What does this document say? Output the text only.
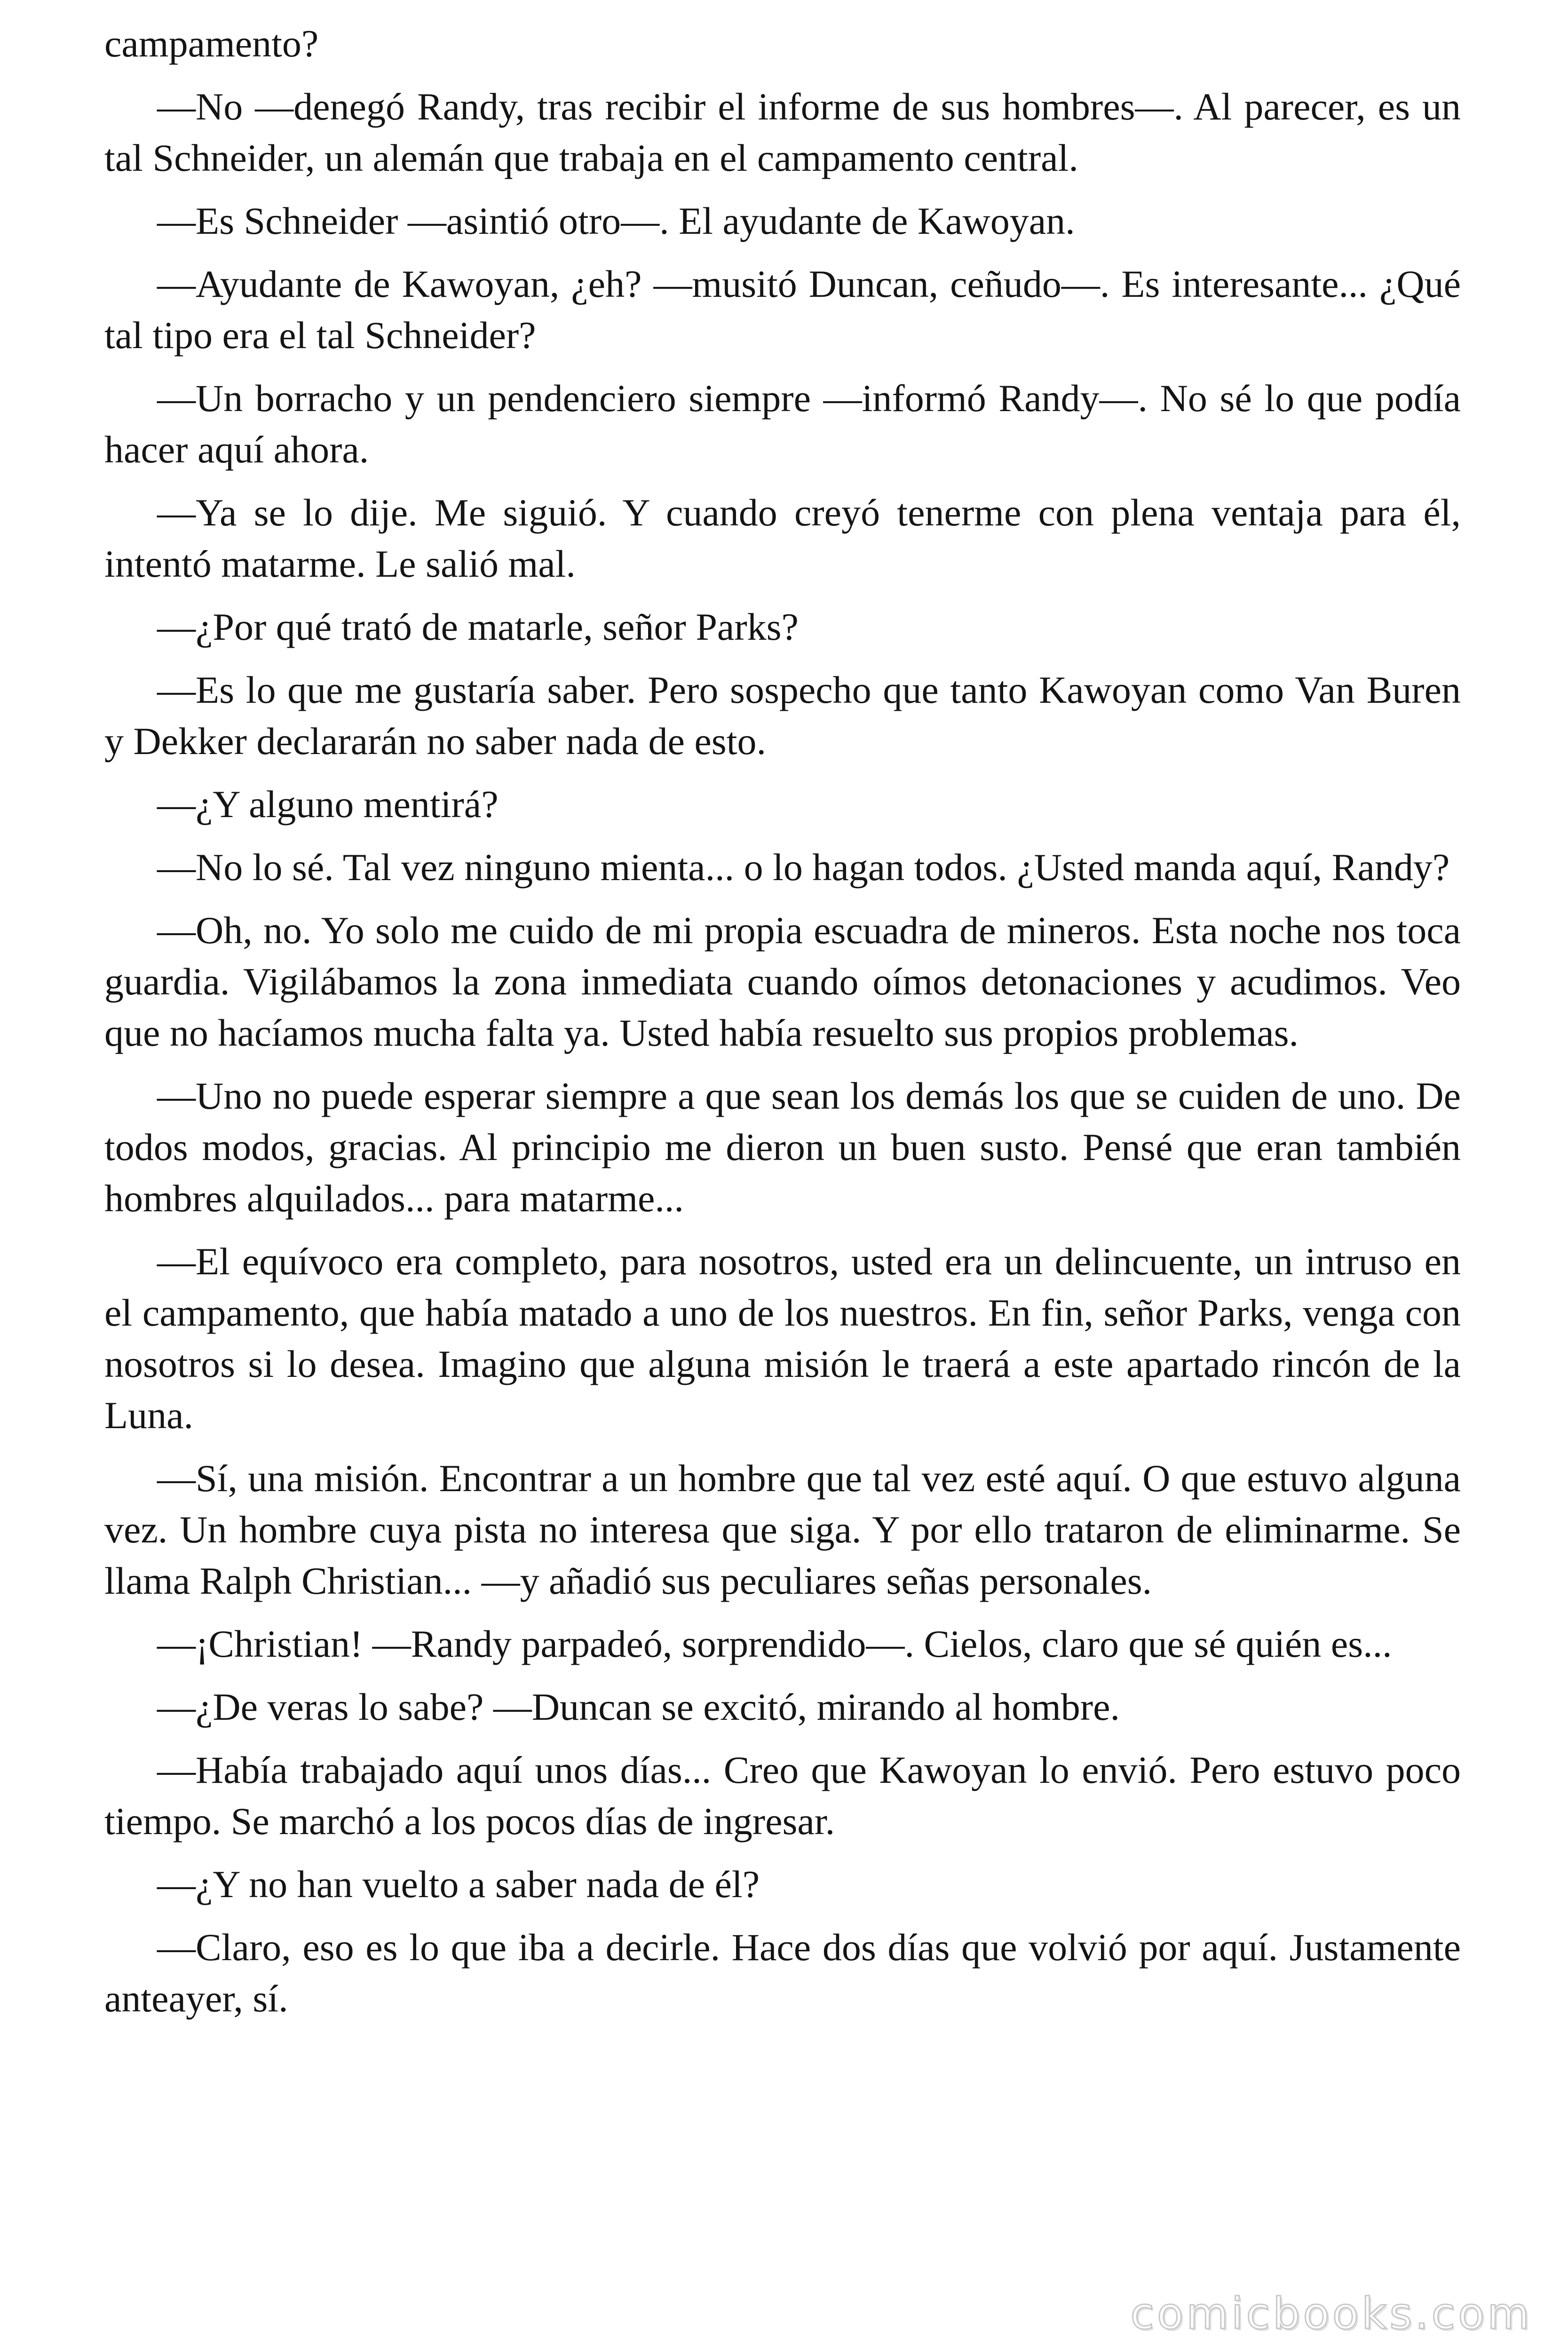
campamento?

—No —denegó Randy, tras recibir el informe de sus hombres—. Al parecer, es un tal Schneider, un alemán que trabaja en el campamento central.

—Es Schneider —asintió otro—. El ayudante de Kawoyan.

—Ayudante de Kawoyan, ¿eh? —musitó Duncan, ceñudo—. Es interesante... ¿Qué tal tipo era el tal Schneider?

—Un borracho y un pendenciero siempre —informó Randy—. No sé lo que podía hacer aquí ahora.

—Ya se lo dije. Me siguió. Y cuando creyó tenerme con plena ventaja para él, intentó matarme. Le salió mal.

—¿Por qué trató de matarle, señor Parks?

—Es lo que me gustaría saber. Pero sospecho que tanto Kawoyan como Van Buren y Dekker declararán no saber nada de esto.

—¿Y alguno mentirá?

—No lo sé. Tal vez ninguno mienta... o lo hagan todos. ¿Usted manda aquí, Randy?

—Oh, no. Yo solo me cuido de mi propia escuadra de mineros. Esta noche nos toca guardia. Vigilábamos la zona inmediata cuando oímos detonaciones y acudimos. Veo que no hacíamos mucha falta ya. Usted había resuelto sus propios problemas.

—Uno no puede esperar siempre a que sean los demás los que se cuiden de uno. De todos modos, gracias. Al principio me dieron un buen susto. Pensé que eran también hombres alquilados... para matarme...

—El equívoco era completo, para nosotros, usted era un delincuente, un intruso en el campamento, que había matado a uno de los nuestros. En fin, señor Parks, venga con nosotros si lo desea. Imagino que alguna misión le traerá a este apartado rincón de la Luna.

—Sí, una misión. Encontrar a un hombre que tal vez esté aquí. O que estuvo alguna vez. Un hombre cuya pista no interesa que siga. Y por ello trataron de eliminarme. Se llama Ralph Christian... —y añadió sus peculiares señas personales.

—¡Christian! —Randy parpadeó, sorprendido—. Cielos, claro que sé quién es...

—¿De veras lo sabe? —Duncan se excitó, mirando al hombre.

—Había trabajado aquí unos días... Creo que Kawoyan lo envió. Pero estuvo poco tiempo. Se marchó a los pocos días de ingresar.

—¿Y no han vuelto a saber nada de él?

—Claro, eso es lo que iba a decirle. Hace dos días que volvió por aquí. Justamente anteayer, sí.

comicbooks.com
